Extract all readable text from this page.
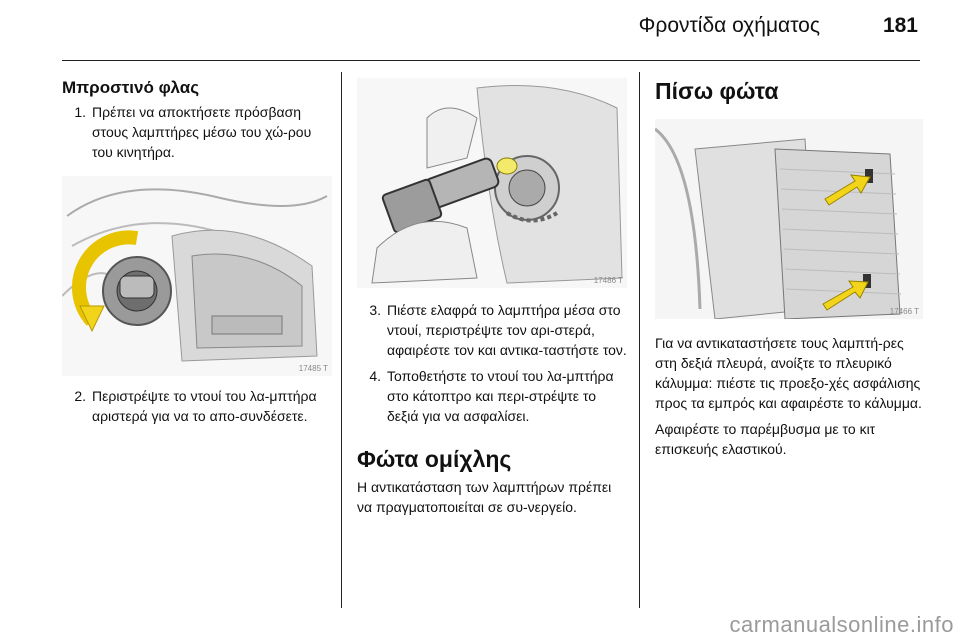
Φροντίδα οχήματος	181
Μπροστινό φλας
1. Πρέπει να αποκτήσετε πρόσβαση στους λαμπτήρες μέσω του χώ-ρου του κινητήρα.
17485 T
2. Περιστρέψτε το ντουί του λα-μπτήρα αριστερά για να το απο-συνδέσετε.
17486 T
3. Πιέστε ελαφρά το λαμπτήρα μέσα στο ντουί, περιστρέψτε τον αρι-στερά, αφαιρέστε τον και αντικα-ταστήστε τον.
4. Τοποθετήστε το ντουί του λα-μπτήρα στο κάτοπτρο και περι-στρέψτε το δεξιά για να ασφαλίσει.
Φώτα ομίχλης

Η αντικατάσταση των λαμπτήρων πρέπει να πραγματοποιείται σε συ-νεργείο.

Πίσω φώτα
17466 T

Για να αντικαταστήσετε τους λαμπτή-ρες στη δεξιά πλευρά, ανοίξτε το πλευρικό κάλυμμα: πιέστε τις προεξο-χές ασφάλισης προς τα εμπρός και αφαιρέστε το κάλυμμα.

Αφαιρέστε το παρέμβυσμα με το κιτ επισκευής ελαστικού.

carmanualsonline.info
